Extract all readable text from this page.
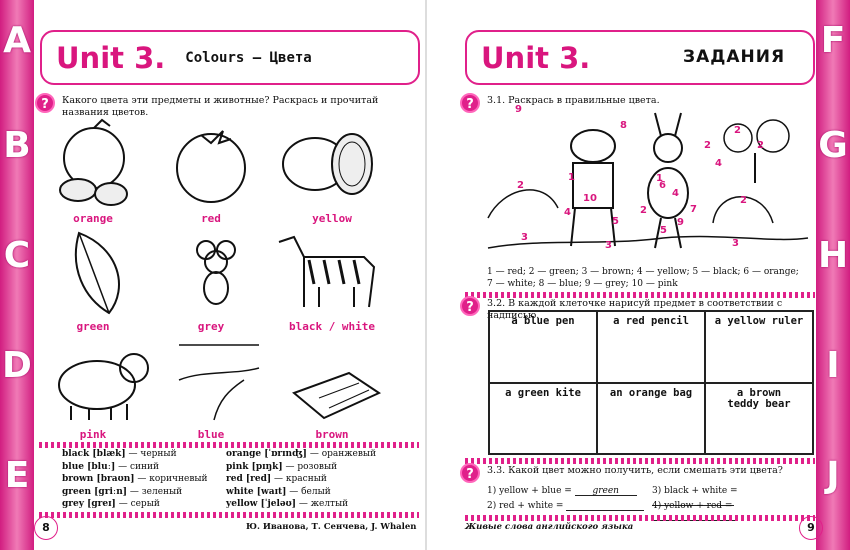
A
B
C
D
E
F
G
H
I
J
Unit 3. Colours — Цвета
?	Какого цвета эти предметы и животные? Раскрась и прочитай названия цветов.
orange	red	yellow
green	grey	black / white
pink	blue	brown
black [blæk] — черный
blue [bluː] — синий
brown [braʊn] — коричневый
green [griːn] — зеленый
grey [greɪ] — серый
orange [ˈɒrɪnʤ] — оранжевый
pink [pɪŋk] — розовый
red [red] — красный
white [waɪt] — белый
yellow [ˈjeləʊ] — желтый
8	Ю. Иванова, Т. Сенчева, J. Whalen
Unit 3.	ЗАДАНИЯ
?	3.1. Раскрась в правильные цвета.
9
8
1
2
2
2
2
10
6
4
5
2	7
3
9
2
3
5
1
3
4
4
1 — red; 2 — green; 3 — brown; 4 — yellow; 5 — black; 6 — orange;
7 — white; 8 — blue; 9 — grey; 10 — pink
?	3.2. В каждой клеточке нарисуй предмет в соответствии с надписью.
a blue pen	a red pencil	a yellow ruler
a green kite	an orange bag	a brown teddy bear
?	3.3. Какой цвет можно получить, если смешать эти цвета?
1) yellow + blue = green	3) black + white =
2) red + white =	4) yellow + red =
Живые слова английского языка	9
